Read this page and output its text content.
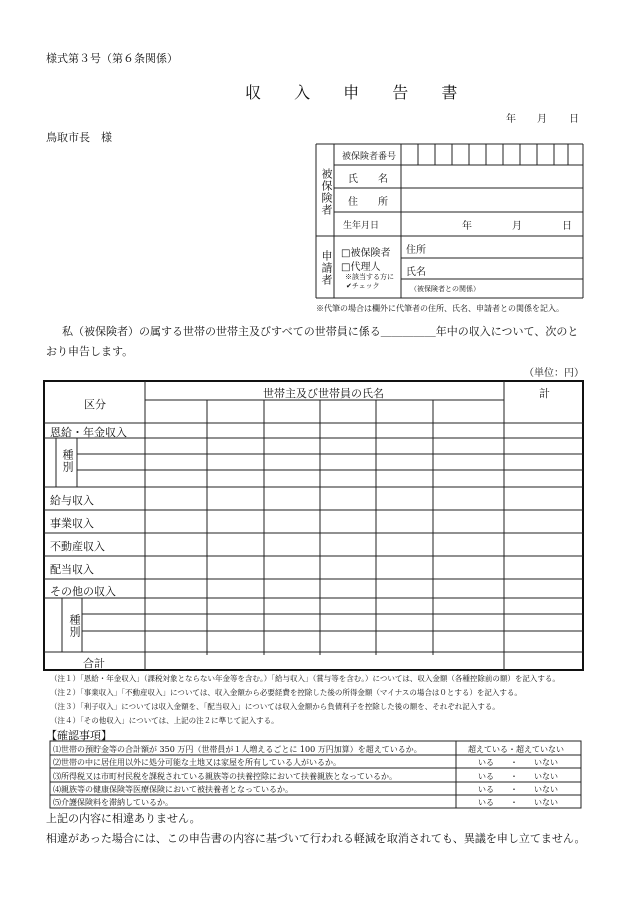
様式第３号（第６条関係）
収 入 申 告 書
年 月 日
鳥取市長　様
被保険者
被保険者番号
氏　　名
住　　所
生年月日	年	月	日
申請者 □被保険者
□代理人
※該当する方に
✔チェック
住所
氏名
（被保険者との関係）
※代筆の場合は欄外に代筆者の住所、氏名、申請者との関係を記入。
私（被保険者）の属する世帯の世帯主及びすべての世帯員に係る＿＿＿＿＿年中の収入について、次のと
おり申告します。
（単位：円）
区分
世帯主及び世帯員の氏名	計
恩給・年金収入
種別
給与収入
事業収入
不動産収入
配当収入
その他の収入
種別
合計
（注１）「恩給・年金収入」（課税対象とならない年金等を含む。）「給与収入」（賞与等を含む。）については、収入金額（各種控除前の額）を記入する。
（注２）「事業収入」「不動産収入」については、収入金額から必要経費を控除した後の所得金額（マイナスの場合は０とする）を記入する。
（注３）「利子収入」については収入金額を、「配当収入」については収入金額から負債利子を控除した後の額を、それぞれ記入する。
（注４）「その他収入」については、上記の注２に準じて記入する。
【確認事項】
⑴世帯の預貯金等の合計額が 350 万円（世帯員が１人増えるごとに 100 万円加算）を超えているか。	超えている・超えていない
⑵世帯の中に居住用以外に処分可能な土地又は家屋を所有している人がいるか。	いる　　・　　いない
⑶所得税又は市町村民税を課税されている親族等の扶養控除において扶養親族となっているか。	いる　　・　　いない
⑷親族等の健康保険等医療保険において被扶養者となっているか。	いる　　・　　いない
⑸介護保険料を滞納しているか。	いる　　・　　いない
上記の内容に相違ありません。
相違があった場合には、この申告書の内容に基づいて行われる軽減を取消されても、異議を申し立てません。
